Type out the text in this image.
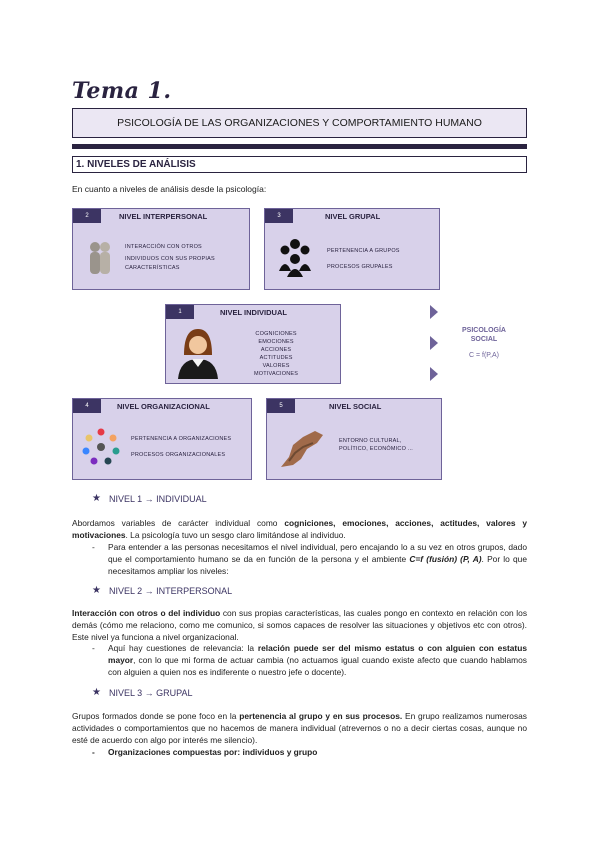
Tema 1.
PSICOLOGÍA DE LAS ORGANIZACIONES Y COMPORTAMIENTO HUMANO
1. NIVELES DE ANÁLISIS
En cuanto a niveles de análisis desde la psicología:
2	NIVEL INTERPERSONAL
INTERACCIÓN CON OTROS
INDIVIDUOS CON SUS PROPIAS
CARACTERÍSTICAS
3	NIVEL GRUPAL
PERTENENCIA A GRUPOS
PROCESOS GRUPALES
1	NIVEL INDIVIDUAL
COGNICIONES
EMOCIONES
ACCIONES
ACTITUDES
VALORES
MOTIVACIONES
PSICOLOGÍA
SOCIAL
C = f(P,A)
4	NIVEL ORGANIZACIONAL
PERTENENCIA A ORGANIZACIONES
PROCESOS ORGANIZACIONALES
5	NIVEL SOCIAL
ENTORNO CULTURAL,
POLÍTICO, ECONÓMICO ...
★ NIVEL 1 → INDIVIDUAL
Abordamos variables de carácter individual como cogniciones, emociones, acciones, actitudes, valores y motivaciones. La psicología tuvo un sesgo claro limitándose al individuo.
-	Para entender a las personas necesitamos el nivel individual, pero encajando lo a su vez en otros grupos, dado que el comportamiento humano se da en función de la persona y el ambiente C=f (fusión) (P, A). Por lo que necesitamos ampliar los niveles:
★ NIVEL 2 → INTERPERSONAL
Interacción con otros o del individuo con sus propias características, las cuales pongo en contexto en relación con los demás (cómo me relaciono, como me comunico, si somos capaces de resolver las situaciones y objetivos etc con otros). Este nivel ya funciona a nivel organizacional.
-	Aquí hay cuestiones de relevancia: la relación puede ser del mismo estatus o con alguien con estatus mayor, con lo que mi forma de actuar cambia (no actuamos igual cuando existe afecto que cuando hablamos con alguien a quien nos es indiferente o nuestro jefe o docente).
★ NIVEL 3 → GRUPAL
Grupos formados donde se pone foco en la pertenencia al grupo y en sus procesos. En grupo realizamos numerosas actividades o comportamientos que no hacemos de manera individual (atrevernos o no a decir ciertas cosas, aunque no esté de acuerdo con algo por interés me silencio).
-	Organizaciones compuestas por: individuos y grupo
